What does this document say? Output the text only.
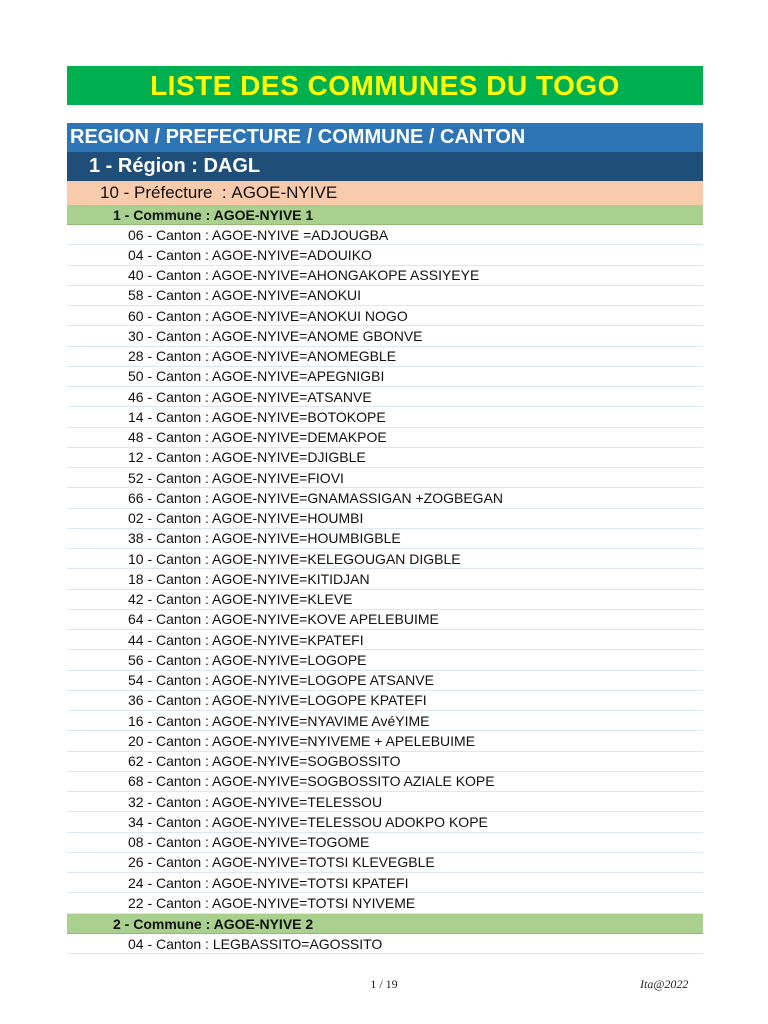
LISTE DES COMMUNES DU TOGO
REGION / PREFECTURE / COMMUNE / CANTON
1 - Région : DAGL
10 - Préfecture : AGOE-NYIVE
1 - Commune : AGOE-NYIVE 1
06 - Canton : AGOE-NYIVE =ADJOUGBA
04 - Canton : AGOE-NYIVE=ADOUIKO
40 - Canton : AGOE-NYIVE=AHONGAKOPE ASSIYEYE
58 - Canton : AGOE-NYIVE=ANOKUI
60 - Canton : AGOE-NYIVE=ANOKUI NOGO
30 - Canton : AGOE-NYIVE=ANOME GBONVE
28 - Canton : AGOE-NYIVE=ANOMEGBLE
50 - Canton : AGOE-NYIVE=APEGNIGBI
46 - Canton : AGOE-NYIVE=ATSANVE
14 - Canton : AGOE-NYIVE=BOTOKOPE
48 - Canton : AGOE-NYIVE=DEMAKPOE
12 - Canton : AGOE-NYIVE=DJIGBLE
52 - Canton : AGOE-NYIVE=FIOVI
66 - Canton : AGOE-NYIVE=GNAMASSIGAN +ZOGBEGAN
02 - Canton : AGOE-NYIVE=HOUMBI
38 - Canton : AGOE-NYIVE=HOUMBIGBLE
10 - Canton : AGOE-NYIVE=KELEGOUGAN DIGBLE
18 - Canton : AGOE-NYIVE=KITIDJAN
42 - Canton : AGOE-NYIVE=KLEVE
64 - Canton : AGOE-NYIVE=KOVE APELEBUIME
44 - Canton : AGOE-NYIVE=KPATEFI
56 - Canton : AGOE-NYIVE=LOGOPE
54 - Canton : AGOE-NYIVE=LOGOPE ATSANVE
36 - Canton : AGOE-NYIVE=LOGOPE KPATEFI
16 - Canton : AGOE-NYIVE=NYAVIME AvéYIME
20 - Canton : AGOE-NYIVE=NYIVEME + APELEBUIME
62 - Canton : AGOE-NYIVE=SOGBOSSITO
68 - Canton : AGOE-NYIVE=SOGBOSSITO AZIALE KOPE
32 - Canton : AGOE-NYIVE=TELESSOU
34 - Canton : AGOE-NYIVE=TELESSOU ADOKPO KOPE
08 - Canton : AGOE-NYIVE=TOGOME
26 - Canton : AGOE-NYIVE=TOTSI KLEVEGBLE
24 - Canton : AGOE-NYIVE=TOTSI KPATEFI
22 - Canton : AGOE-NYIVE=TOTSI NYIVEME
2 - Commune : AGOE-NYIVE 2
04 - Canton : LEGBASSITO=AGOSSITO
1 / 19	Ita@2022
